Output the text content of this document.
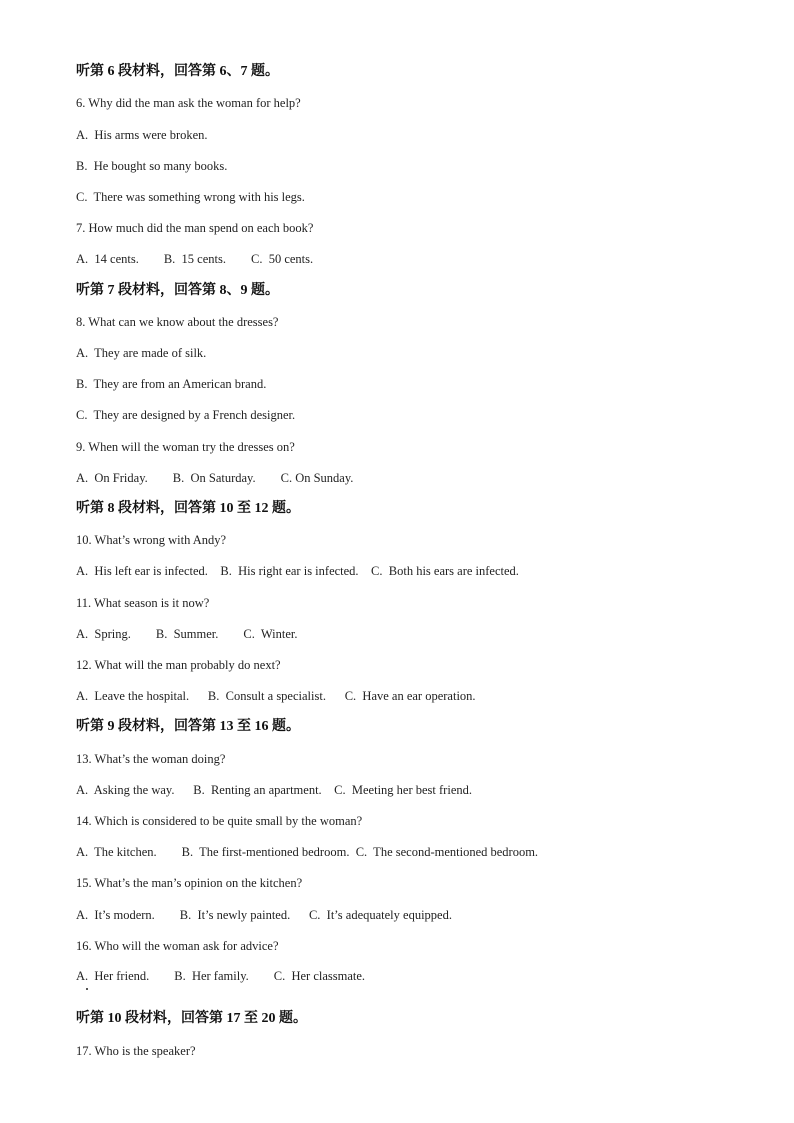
听第 6 段材料，回答第 6、7 题。
6. Why did the man ask the woman for help?
A.  His arms were broken.
B.  He bought so many books.
C.  There was something wrong with his legs.
7. How much did the man spend on each book?
A.  14 cents.        B.  15 cents.        C.  50 cents.
听第 7 段材料，回答第 8、9 题。
8. What can we know about the dresses?
A.  They are made of silk.
B.  They are from an American brand.
C.  They are designed by a French designer.
9. When will the woman try the dresses on?
A.  On Friday.        B.  On Saturday.        C. On Sunday.
听第 8 段材料，回答第 10 至 12 题。
10. What’s wrong with Andy?
A.  His left ear is infected.    B.  His right ear is infected.    C.  Both his ears are infected.
11. What season is it now?
A.  Spring.        B.  Summer.        C.  Winter.
12. What will the man probably do next?
A.  Leave the hospital.      B.  Consult a specialist.      C.  Have an ear operation.
听第 9 段材料，回答第 13 至 16 题。
13. What’s the woman doing?
A.  Asking the way.      B.  Renting an apartment.    C.  Meeting her best friend.
14. Which is considered to be quite small by the woman?
A.  The kitchen.        B.  The first-mentioned bedroom.  C.  The second-mentioned bedroom.
15. What’s the man’s opinion on the kitchen?
A.  It’s modern.        B.  It’s newly painted.      C.  It’s adequately equipped.
16. Who will the woman ask for advice?
A.  Her friend.        B.  Her family.        C.  Her classmate.
听第 10 段材料，回答第 17 至 20 题。
17. Who is the speaker?
